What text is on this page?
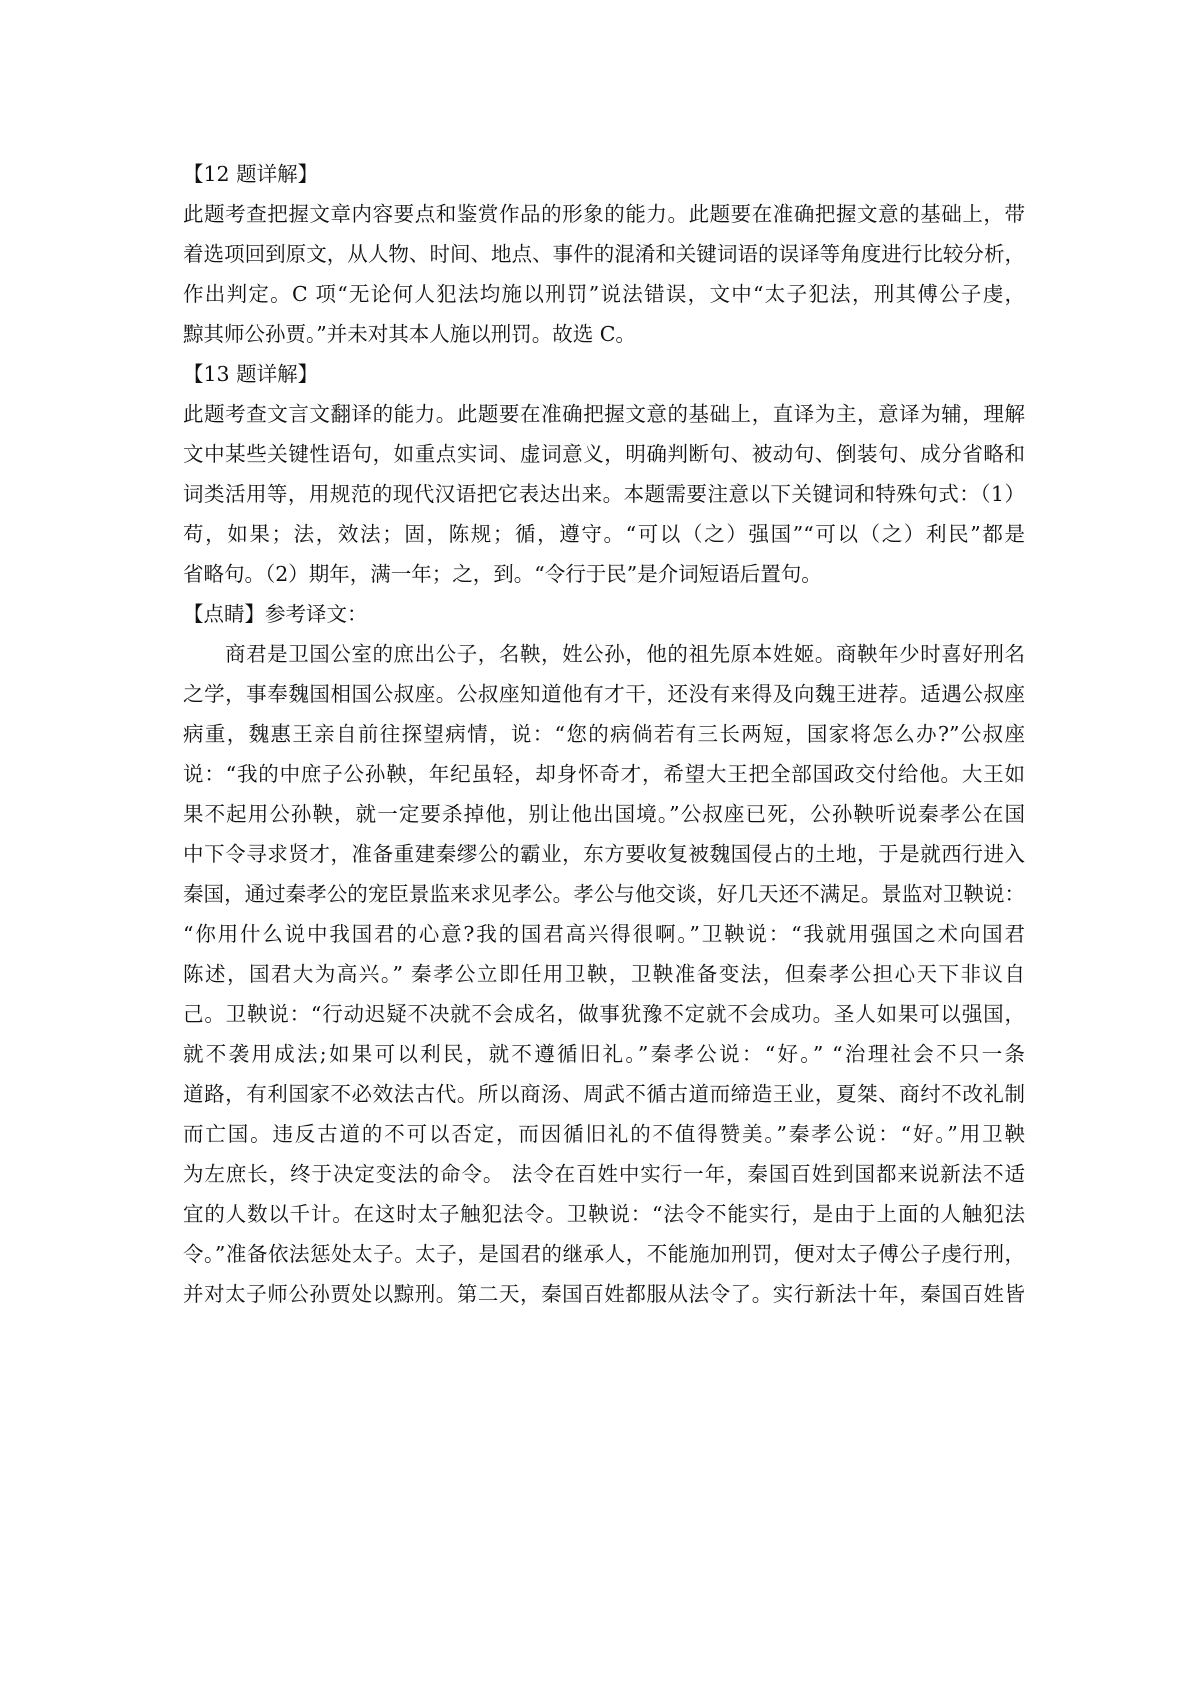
【12 题详解】
此题考查把握文章内容要点和鉴赏作品的形象的能力。此题要在准确把握文意的基础上，带
着选项回到原文，从人物、时间、地点、事件的混淆和关键词语的误译等角度进行比较分析，
作出判定。C 项“无论何人犯法均施以刑罚”说法错误，文中“太子犯法，刑其傅公子虔，
黥其师公孙贾。”并未对其本人施以刑罚。故选 C。
【13 题详解】
此题考查文言文翻译的能力。此题要在准确把握文意的基础上，直译为主，意译为辅，理解
文中某些关键性语句，如重点实词、虚词意义，明确判断句、被动句、倒装句、成分省略和
词类活用等，用规范的现代汉语把它表达出来。本题需要注意以下关键词和特殊句式：（1）
苟，如果；法，效法；固，陈规；循，遵守。“可以（之）强国”“可以（之）利民”都是
省略句。（2）期年，满一年；之，到。“令行于民”是介词短语后置句。
【点睛】参考译文：
商君是卫国公室的庶出公子，名鞅，姓公孙，他的祖先原本姓姬。商鞅年少时喜好刑名
之学，事奉魏国相国公叔座。公叔座知道他有才干，还没有来得及向魏王进荐。适遇公叔座
病重，魏惠王亲自前往探望病情，说：“您的病倘若有三长两短，国家将怎么办?”公叔座
说：“我的中庶子公孙鞅，年纪虽轻，却身怀奇才，希望大王把全部国政交付给他。大王如
果不起用公孙鞅，就一定要杀掉他，别让他出国境。”公叔座已死，公孙鞅听说秦孝公在国
中下令寻求贤才，准备重建秦缪公的霸业，东方要收复被魏国侵占的土地，于是就西行进入
秦国，通过秦孝公的宠臣景监来求见孝公。孝公与他交谈，好几天还不满足。景监对卫鞅说：
“你用什么说中我国君的心意?我的国君高兴得很啊。”卫鞅说：“我就用强国之术向国君
陈述，国君大为高兴。” 秦孝公立即任用卫鞅，卫鞅准备变法，但秦孝公担心天下非议自
己。卫鞅说：“行动迟疑不决就不会成名，做事犹豫不定就不会成功。圣人如果可以强国，
就不袭用成法;如果可以利民，就不遵循旧礼。”秦孝公说：“好。” “治理社会不只一条
道路，有利国家不必效法古代。所以商汤、周武不循古道而缔造王业，夏桀、商纣不改礼制
而亡国。违反古道的不可以否定，而因循旧礼的不值得赞美。”秦孝公说：“好。”用卫鞅
为左庶长，终于决定变法的命令。 法令在百姓中实行一年，秦国百姓到国都来说新法不适
宜的人数以千计。在这时太子触犯法令。卫鞅说：“法令不能实行，是由于上面的人触犯法
令。”准备依法惩处太子。太子，是国君的继承人，不能施加刑罚，便对太子傅公子虔行刑，
并对太子师公孙贾处以黥刑。第二天，秦国百姓都服从法令了。实行新法十年，秦国百姓皆
